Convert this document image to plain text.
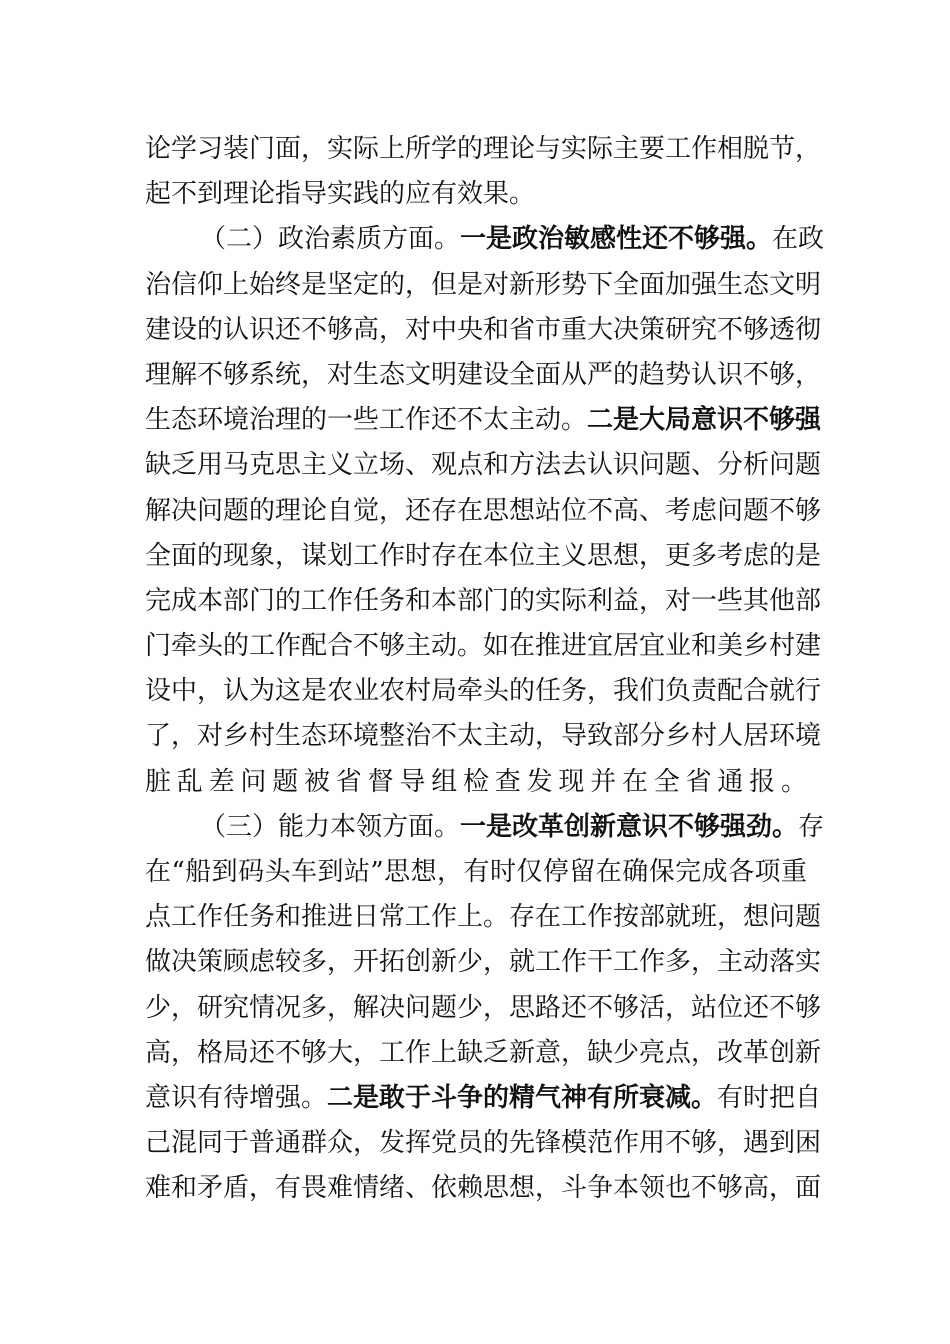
论学习装门面，实际上所学的理论与实际主要工作相脱节，
起不到理论指导实践的应有效果。
（二）政治素质方面。一是政治敏感性还不够强。在政
治信仰上始终是坚定的，但是对新形势下全面加强生态文明
建设的认识还不够高，对中央和省市重大决策研究不够透彻
理解不够系统，对生态文明建设全面从严的趋势认识不够，
生态环境治理的一些工作还不太主动。二是大局意识不够强
缺乏用马克思主义立场、观点和方法去认识问题、分析问题
解决问题的理论自觉，还存在思想站位不高、考虑问题不够
全面的现象，谋划工作时存在本位主义思想，更多考虑的是
完成本部门的工作任务和本部门的实际利益，对一些其他部
门牵头的工作配合不够主动。如在推进宜居宜业和美乡村建
设中，认为这是农业农村局牵头的任务，我们负责配合就行
了，对乡村生态环境整治不太主动，导致部分乡村人居环境
脏乱差问题被省督导组检查发现并在全省通报。
（三）能力本领方面。一是改革创新意识不够强劲。存
在“船到码头车到站”思想，有时仅停留在确保完成各项重
点工作任务和推进日常工作上。存在工作按部就班，想问题
做决策顾虑较多，开拓创新少，就工作干工作多，主动落实
少，研究情况多，解决问题少，思路还不够活，站位还不够
高，格局还不够大，工作上缺乏新意，缺少亮点，改革创新
意识有待增强。二是敢于斗争的精气神有所衰减。有时把自
己混同于普通群众，发挥党员的先锋模范作用不够，遇到困
难和矛盾，有畏难情绪、依赖思想，斗争本领也不够高，面
